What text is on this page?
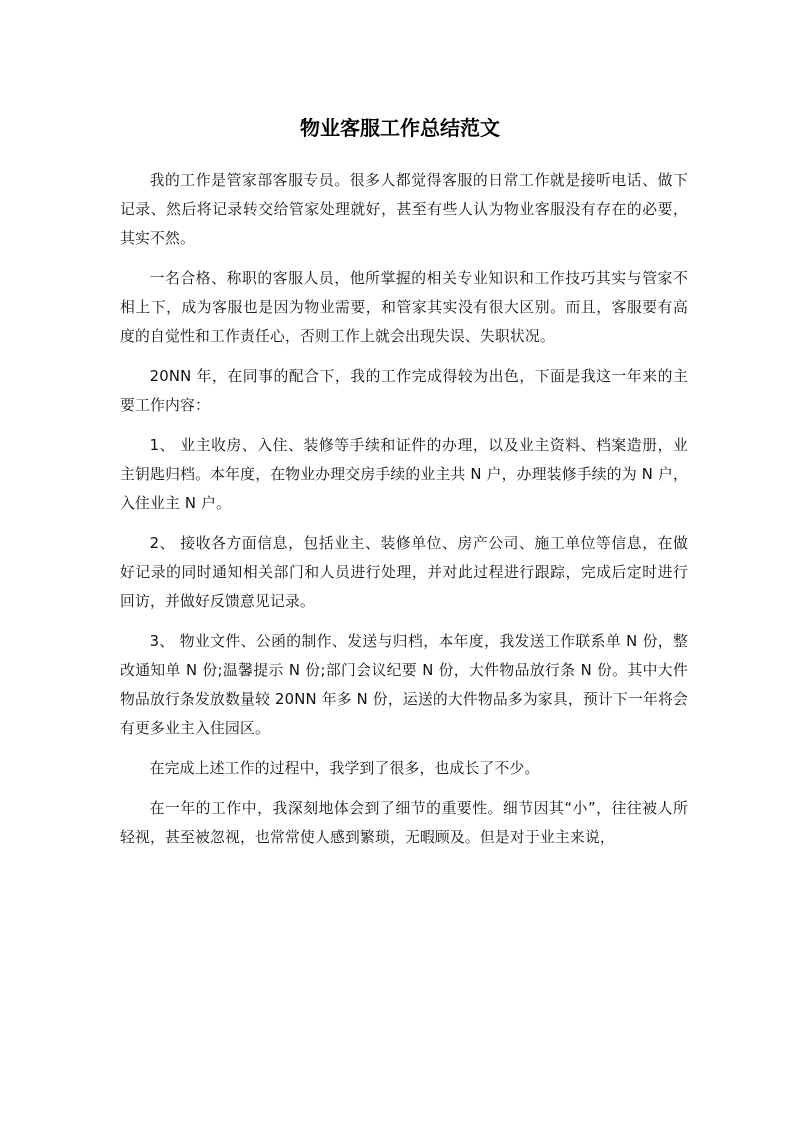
物业客服工作总结范文

我的工作是管家部客服专员。很多人都觉得客服的日常工作就是接听电话、做下记录、然后将记录转交给管家处理就好，甚至有些人认为物业客服没有存在的必要，其实不然。

一名合格、称职的客服人员，他所掌握的相关专业知识和工作技巧其实与管家不相上下，成为客服也是因为物业需要，和管家其实没有很大区别。而且，客服要有高度的自觉性和工作责任心，否则工作上就会出现失误、失职状况。

20NN 年，在同事的配合下，我的工作完成得较为出色，下面是我这一年来的主要工作内容：

1、 业主收房、入住、装修等手续和证件的办理，以及业主资料、档案造册，业主钥匙归档。本年度，在物业办理交房手续的业主共 N 户，办理装修手续的为 N 户，入住业主 N 户。

2、 接收各方面信息，包括业主、装修单位、房产公司、施工单位等信息，在做好记录的同时通知相关部门和人员进行处理，并对此过程进行跟踪，完成后定时进行回访，并做好反馈意见记录。

3、 物业文件、公函的制作、发送与归档，本年度，我发送工作联系单 N 份，整改通知单 N 份;温馨提示 N 份;部门会议纪要 N 份，大件物品放行条 N 份。其中大件物品放行条发放数量较 20NN 年多 N 份，运送的大件物品多为家具，预计下一年将会有更多业主入住园区。

在完成上述工作的过程中，我学到了很多，也成长了不少。

在一年的工作中，我深刻地体会到了细节的重要性。细节因其“小”，往往被人所轻视，甚至被忽视，也常常使人感到繁琐，无暇顾及。但是对于业主来说，
